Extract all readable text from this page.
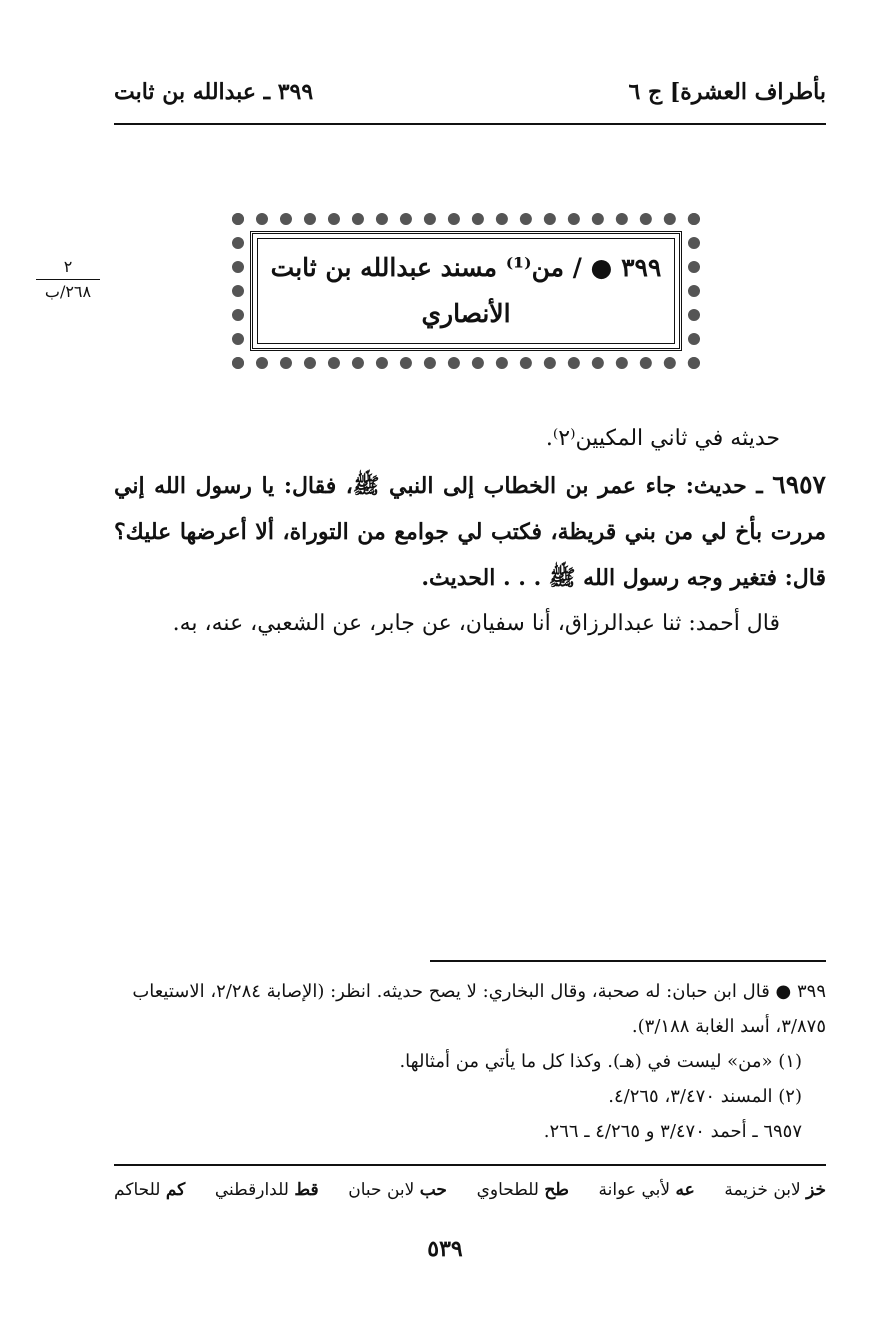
بأطراف العشرة] ج ٦
٣٩٩ ـ عبدالله بن ثابت
٢
٢٦٨/ب
٣٩٩ ● / من⁽¹⁾ مسند عبدالله بن ثابت
الأنصاري

حديثه في ثاني المكيين⁽٢⁾.

٦٩٥٧ ـ حديث: جاء عمر بن الخطاب إلى النبي ﷺ، فقال: يا رسول الله إني مررت بأخ لي من بني قريظة، فكتب لي جوامع من التوراة، ألا أعرضها عليك؟ قال: فتغير وجه رسول الله ﷺ . . . الحديث.

قال أحمد: ثنا عبدالرزاق، أنا سفيان، عن جابر، عن الشعبي، عنه، به.

٣٩٩ ● قال ابن حبان: له صحبة، وقال البخاري: لا يصح حديثه. انظر: (الإصابة ٢/٢٨٤، الاستيعاب ٣/٨٧٥، أسد الغابة ٣/١٨٨).

(١) «من» ليست في (هـ). وكذا كل ما يأتي من أمثالها.

(٢) المسند ٣/٤٧٠، ٤/٢٦٥.

٦٩٥٧ ـ أحمد ٣/٤٧٠ و ٤/٢٦٥ ـ ٢٦٦.

خز لابن خزيمة
عه لأبي عوانة
طح للطحاوي
حب لابن حبان
قط للدارقطني
كم للحاكم
٥٣٩
